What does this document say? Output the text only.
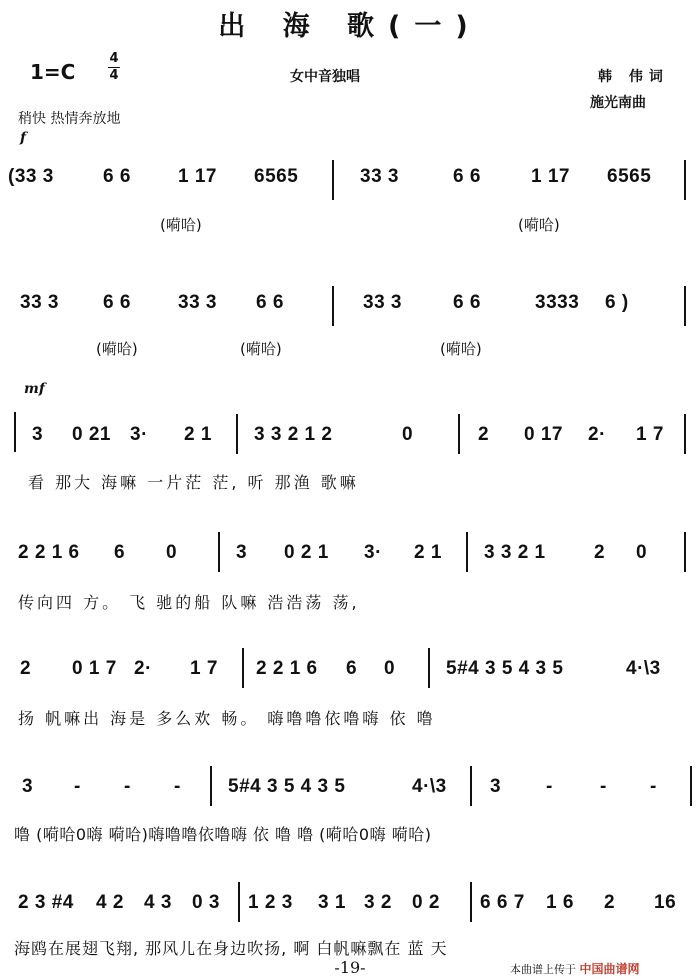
出 海 歌(一)
1=C
4
4	女中音独唱	韩 伟词
施光南曲
稍快 热情奔放地
f
mf
(33 3	6 6 1 17 6565	33 3	6 6	1 17 6565
(嗬哈)	(嗬哈)
33 3 6 6 33 3 6 6	33 3	6 6	3333 6 )
(嗬哈)	(嗬哈)	(嗬哈)
3 0 21 3· 2 1 3 3 2 1 2	0	2 0 17 2· 1 7
看 那大 海嘛 一片茫 茫, 听 那渔 歌嘛
2 2 1 6 6 0	3 0 2 1 3· 2 1 3 3 2 1	2 0
传向四 方。 飞 驰的船 队嘛 浩浩荡 荡,
2 0 1 7 2· 1 7 2 2 1 6 6 0	5#4 3 5 4 3 5	4·\3
扬 帆嘛出 海是 多么欢 畅。 嗨噜噜依噜嗨 依 噜
3 - - - 5#4 3 5 4 3 5	4·\3 3 - - -
噜 (嗬哈0嗨 嗬哈)嗨噜噜依噜嗨 依 噜 噜 (嗬哈0嗨 嗬哈)
2 3 #4 4 2 4 3 0 3 1 2 3 3 1 3 2 0 2 6 6 7 1 6 2 16
海鸥在展翅飞翔, 那风儿在身边吹扬, 啊 白帆嘛飘在 蓝 天
-19-	本曲谱上传于 中国曲谱网
